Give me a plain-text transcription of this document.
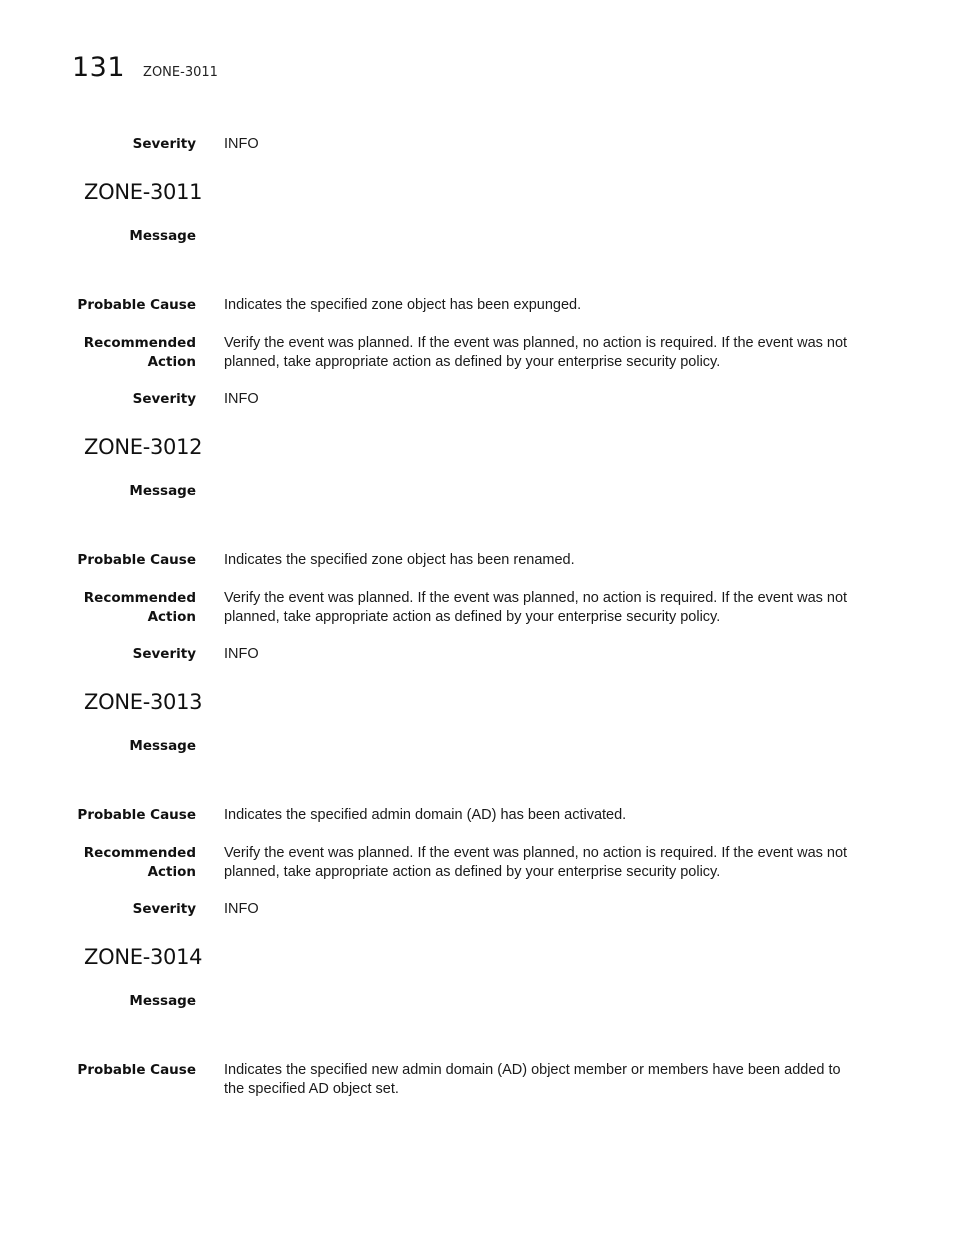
131 ZONE-3011
Severity INFO
ZONE-3011
Message
Probable Cause Indicates the specified zone object has been expunged.
Recommended
Action
Verify the event was planned. If the event was planned, no action is required. If the event was not planned, take appropriate action as defined by your enterprise security policy.
Severity INFO
ZONE-3012
Message
Probable Cause Indicates the specified zone object has been renamed.
Recommended
Action
Verify the event was planned. If the event was planned, no action is required. If the event was not planned, take appropriate action as defined by your enterprise security policy.
Severity INFO
ZONE-3013
Message
Probable Cause Indicates the specified admin domain (AD) has been activated.
Recommended
Action
Verify the event was planned. If the event was planned, no action is required. If the event was not planned, take appropriate action as defined by your enterprise security policy.
Severity INFO
ZONE-3014
Message
Probable Cause Indicates the specified new admin domain (AD) object member or members have been added to the specified AD object set.
